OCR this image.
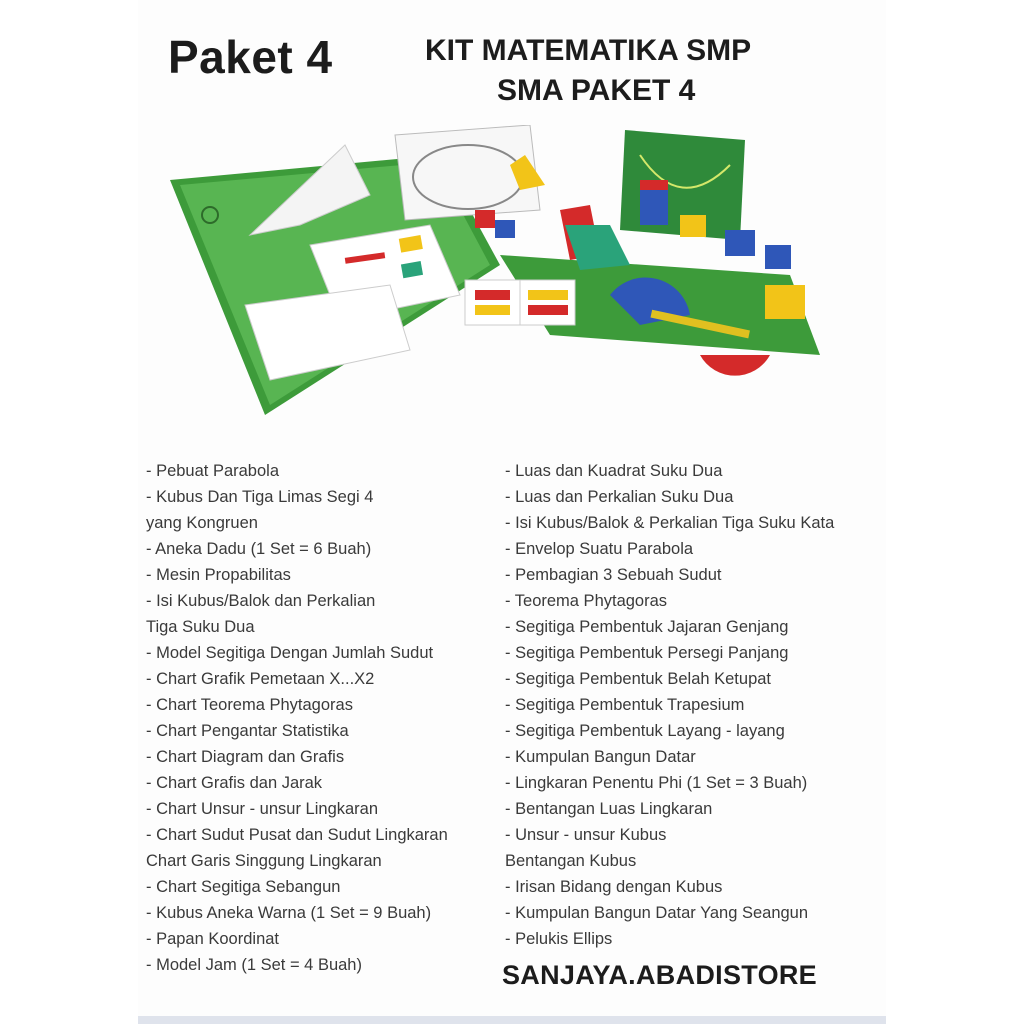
Paket 4	KIT MATEMATIKA SMP
SMA PAKET 4
- Pebuat Parabola
- Kubus Dan Tiga Limas Segi 4
yang Kongruen
- Aneka Dadu (1 Set = 6 Buah)
- Mesin Propabilitas
- Isi Kubus/Balok dan Perkalian
Tiga Suku Dua
- Model Segitiga Dengan Jumlah Sudut
- Chart Grafik Pemetaan X...X2
- Chart Teorema Phytagoras
- Chart Pengantar Statistika
- Chart Diagram dan Grafis
- Chart Grafis dan Jarak
- Chart Unsur - unsur Lingkaran
- Chart Sudut Pusat dan Sudut Lingkaran
Chart Garis Singgung Lingkaran
- Chart Segitiga Sebangun
- Kubus Aneka Warna (1 Set = 9 Buah)
- Papan Koordinat
- Model Jam (1 Set = 4 Buah)
- Luas dan Kuadrat Suku Dua
- Luas dan Perkalian Suku Dua
- Isi Kubus/Balok & Perkalian Tiga Suku Kata
- Envelop Suatu Parabola
- Pembagian 3 Sebuah Sudut
- Teorema Phytagoras
- Segitiga Pembentuk Jajaran Genjang
- Segitiga Pembentuk Persegi Panjang
- Segitiga Pembentuk Belah Ketupat
- Segitiga Pembentuk Trapesium
- Segitiga Pembentuk Layang - layang
- Kumpulan Bangun Datar
- Lingkaran Penentu Phi (1 Set = 3 Buah)
- Bentangan Luas Lingkaran
- Unsur - unsur Kubus
Bentangan Kubus
- Irisan Bidang dengan Kubus
- Kumpulan Bangun Datar Yang Seangun
- Pelukis Ellips
SANJAYA.ABADISTORE
